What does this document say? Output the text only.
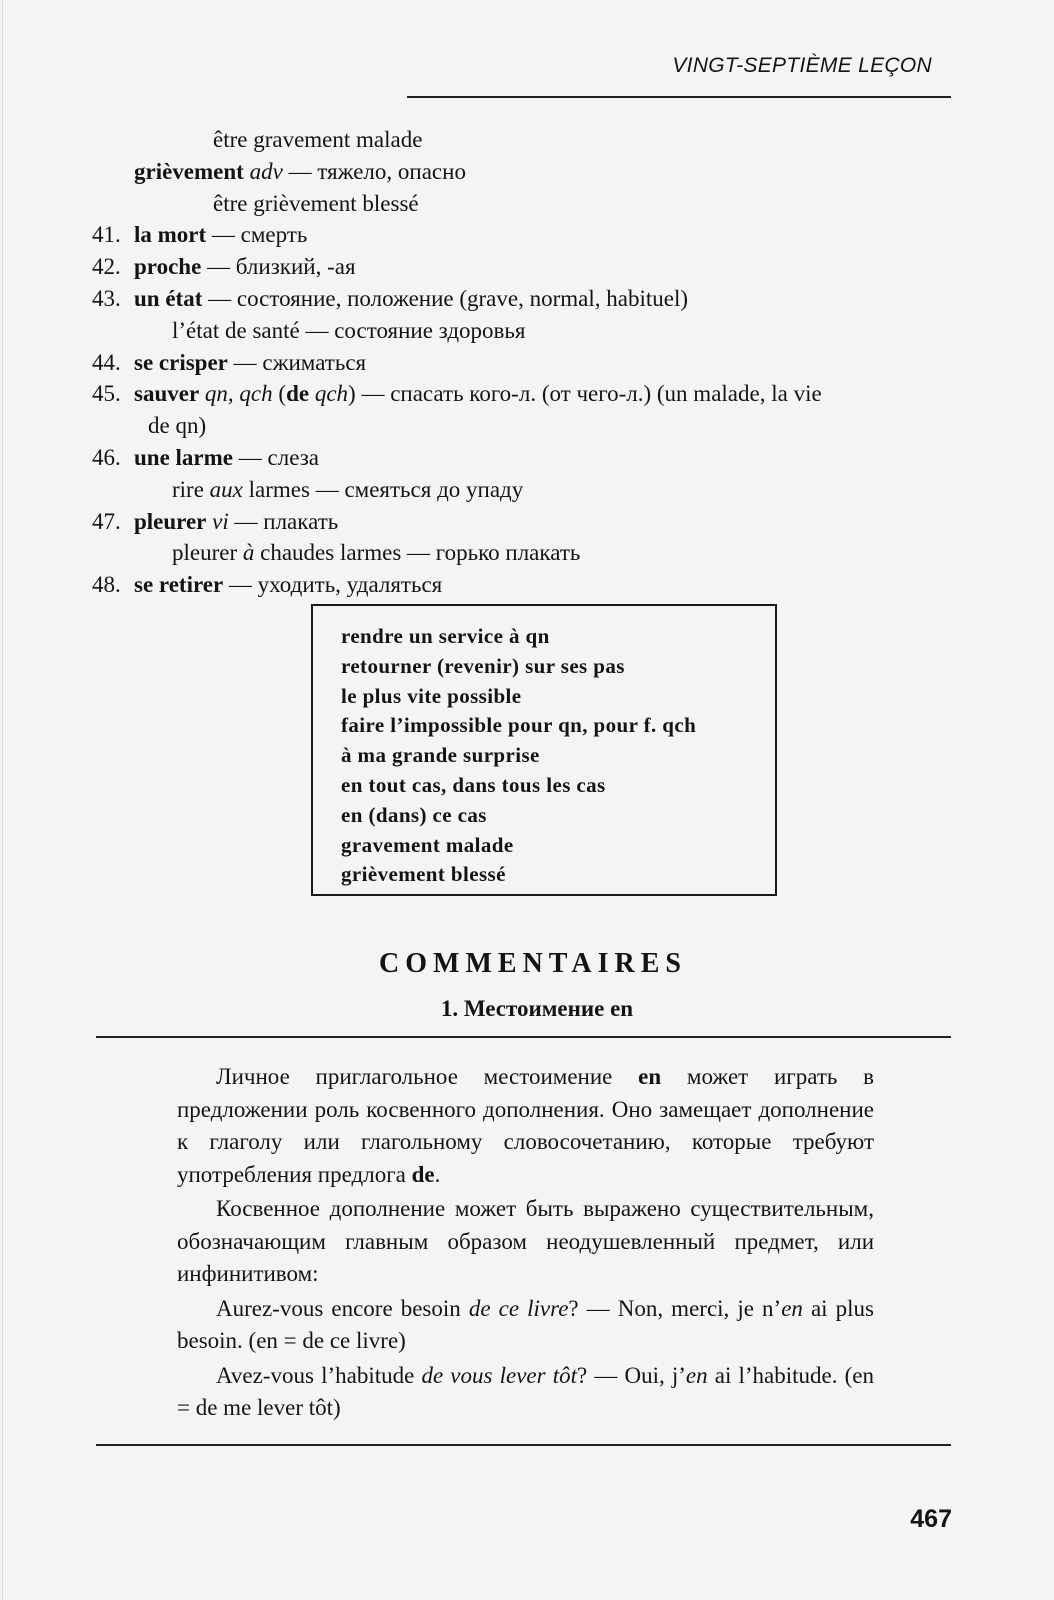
VINGT-SEPTIÈME LEÇON
être gravement malade
grièvement adv — тяжело, опасно
être grièvement blessé
41. la mort — смерть
42. proche — близкий, -ая
43. un état — состояние, положение (grave, normal, habituel)
l’état de santé — состояние здоровья
44. se crisper — сжиматься
45. sauver qn, qch (de qch) — спасать кого-л. (от чего-л.) (un malade, la vie
de qn)
46. une larme — слеза
rire aux larmes — смеяться до упаду
47. pleurer vi — плакать
pleurer à chaudes larmes — горько плакать
48. se retirer — уходить, удаляться
rendre un service à qn
retourner (revenir) sur ses pas
le plus vite possible
faire l’impossible pour qn, pour f. qch
à ma grande surprise
en tout cas, dans tous les cas
en (dans) ce cas
gravement malade
grièvement blessé
COMMENTAIRES
1. Местоимение en

Личное приглагольное местоимение en может играть в предложении роль косвенного дополнения. Оно замещает дополнение к глаголу или глагольному словосочетанию, которые требуют употребления предлога de.

Косвенное дополнение может быть выражено существительным, обозначающим главным образом неодушевленный предмет, или инфинитивом:

Aurez-vous encore besoin de ce livre? — Non, merci, je n’en ai plus besoin. (en = de ce livre)

Avez-vous l’habitude de vous lever tôt? — Oui, j’en ai l’habitude. (en = de me lever tôt)

467
